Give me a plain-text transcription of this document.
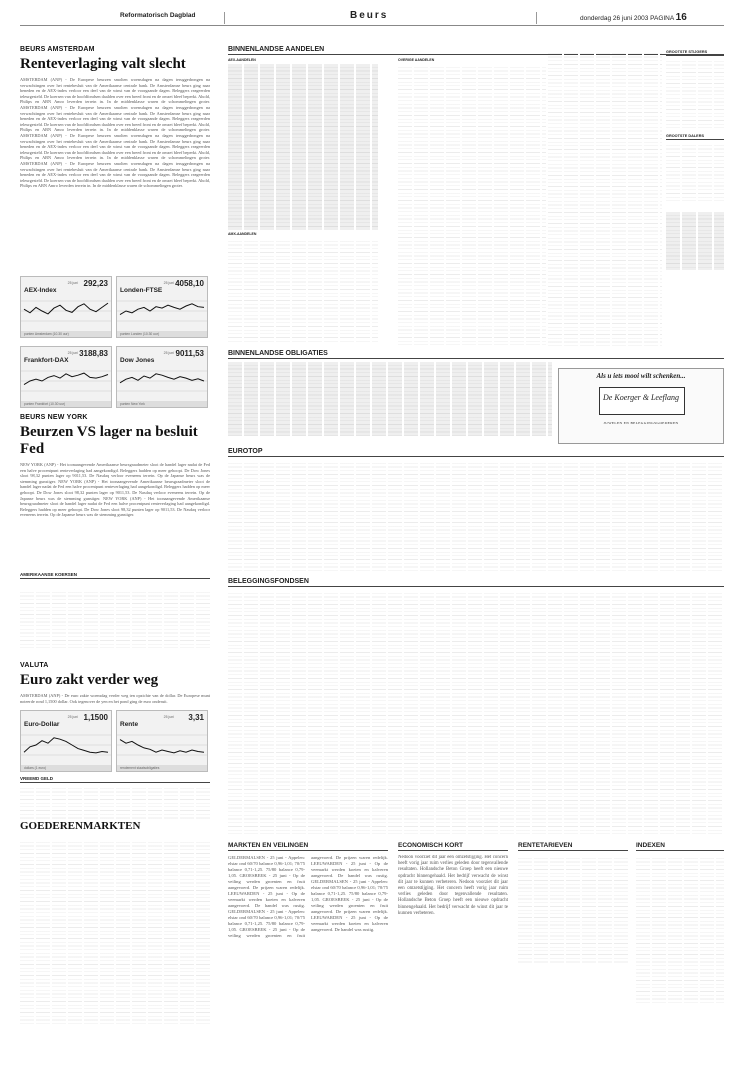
Reformatorisch Dagblad	Beurs	donderdag 26 juni 2003 PAGINA 16
BEURS AMSTERDAM
Renteverlaging valt slecht
AMSTERDAM (ANP) - De Europese beurzen smolten woensdagen na dagen teruggedrongen na verwachtingen over het rentebesluit van de Amerikaanse centrale bank. De Amsterdamse beurs ging naar beneden en de AEX-index verloor een deel van de winst van de voorgaande dagen. Beleggers reageerden teleurgesteld. De koersen van de hoofdfondsen daalden over een breed front en de omzet bleef beperkt. Ahold, Philips en ABN Amro leverden terrein in. In de middenklasse waren de schommelingen groter. AMSTERDAM (ANP) - De Europese beurzen smolten woensdagen na dagen teruggedrongen na verwachtingen over het rentebesluit van de Amerikaanse centrale bank. De Amsterdamse beurs ging naar beneden en de AEX-index verloor een deel van de winst van de voorgaande dagen. Beleggers reageerden teleurgesteld. De koersen van de hoofdfondsen daalden over een breed front en de omzet bleef beperkt. Ahold, Philips en ABN Amro leverden terrein in. In de middenklasse waren de schommelingen groter. AMSTERDAM (ANP) - De Europese beurzen smolten woensdagen na dagen teruggedrongen na verwachtingen over het rentebesluit van de Amerikaanse centrale bank. De Amsterdamse beurs ging naar beneden en de AEX-index verloor een deel van de winst van de voorgaande dagen. Beleggers reageerden teleurgesteld. De koersen van de hoofdfondsen daalden over een breed front en de omzet bleef beperkt. Ahold, Philips en ABN Amro leverden terrein in. In de middenklasse waren de schommelingen groter. AMSTERDAM (ANP) - De Europese beurzen smolten woensdagen na dagen teruggedrongen na verwachtingen over het rentebesluit van de Amerikaanse centrale bank. De Amsterdamse beurs ging naar beneden en de AEX-index verloor een deel van de winst van de voorgaande dagen. Beleggers reageerden teleurgesteld. De koersen van de hoofdfondsen daalden over een breed front en de omzet bleef beperkt. Ahold, Philips en ABN Amro leverden terrein in. In de middenklasse waren de schommelingen groter.
AEX-Index
25 juni 292,23
punten Amsterdam (10.30 uur)
Londen-FTSE
25 juni 4058,10
punten Londen (10.30 uur)
Frankfort-DAX
25 juni 3188,83
punten Frankfort (10.30 uur)
Dow Jones
25 juni 9011,53
punten New York
Euro-Dollar
25 juni 1,1500
dollars (1 euro)
Rente
25 juni 3,31
rendement staatsobligaties
BEURS NEW YORK
Beurzen VS lager na besluit Fed
NEW YORK (ANP) - Het toonaangevende Amerikaanse beursgraadmeter sloot de handel lager nadat de Fed een halve procentpunt renteverlaging had aangekondigd. Beleggers hadden op meer gehoopt. De Dow Jones sloot 98,32 punten lager op 9011,53. De Nasdaq verloor eveneens terrein. Op de Japanse beurs was de stemming gunstiger. NEW YORK (ANP) - Het toonaangevende Amerikaanse beursgraadmeter sloot de handel lager nadat de Fed een halve procentpunt renteverlaging had aangekondigd. Beleggers hadden op meer gehoopt. De Dow Jones sloot 98,32 punten lager op 9011,53. De Nasdaq verloor eveneens terrein. Op de Japanse beurs was de stemming gunstiger. NEW YORK (ANP) - Het toonaangevende Amerikaanse beursgraadmeter sloot de handel lager nadat de Fed een halve procentpunt renteverlaging had aangekondigd. Beleggers hadden op meer gehoopt. De Dow Jones sloot 98,32 punten lager op 9011,53. De Nasdaq verloor eveneens terrein. Op de Japanse beurs was de stemming gunstiger.
AMERIKAANSE KOERSEN
VALUTA
Euro zakt verder weg
AMSTERDAM (ANP) - De euro zakte woensdag verder weg ten opzichte van de dollar. De Europese munt noteerde rond 1,1500 dollar. Ook tegenover de yen en het pond ging de euro onderuit.
VREEMD GELD
GOEDERENMARKTEN
BINNENLANDSE AANDELEN
AEX-AANDELEN
AMX-AANDELEN
OVERIGE AANDELEN
GROOTSTE STIJGERS
GROOTSTE DALERS
BINNENLANDSE OBLIGATIES
Als u iets mooi wilt schenken...
De Koerger & Leeflang
JUWELEN EN BELEGGINGSGOEDEREN
EUROTOP
BELEGGINGSFONDSEN
MARKTEN EN VEILINGEN
GELDERMALSEN - 25 juni - Appelen: elstar ond 60/70 balance 0,96-1,01; 70/75 balance 0,71-1,25. 75/80 balance 0,79-1,05. GROESBEEK - 25 juni - Op de veiling werden groenten en fruit aangevoerd. De prijzen waren redelijk. LEEUWARDEN - 25 juni - Op de veemarkt werden koeien en kalveren aangevoerd. De handel was rustig. GELDERMALSEN - 25 juni - Appelen: elstar ond 60/70 balance 0,96-1,01; 70/75 balance 0,71-1,25. 75/80 balance 0,79-1,05. GROESBEEK - 25 juni - Op de veiling werden groenten en fruit aangevoerd. De prijzen waren redelijk. LEEUWARDEN - 25 juni - Op de veemarkt werden koeien en kalveren aangevoerd. De handel was rustig. GELDERMALSEN - 25 juni - Appelen: elstar ond 60/70 balance 0,96-1,01; 70/75 balance 0,71-1,25. 75/80 balance 0,79-1,05. GROESBEEK - 25 juni - Op de veiling werden groenten en fruit aangevoerd. De prijzen waren redelijk. LEEUWARDEN - 25 juni - Op de veemarkt werden koeien en kalveren aangevoerd. De handel was rustig.
ECONOMISCH KORT
Nedoon voorziet dit jaar een omzetstijging. Het concern heeft vorig jaar ruim verlies geleden door tegenvallende resultaten. Hollandsche Beton Groep heeft een nieuwe opdracht binnengehaald. Het bedrijf verwacht de winst dit jaar te kunnen verbeteren. Nedoon voorziet dit jaar een omzetstijging. Het concern heeft vorig jaar ruim verlies geleden door tegenvallende resultaten. Hollandsche Beton Groep heeft een nieuwe opdracht binnengehaald. Het bedrijf verwacht de winst dit jaar te kunnen verbeteren.
RENTETARIEVEN	INDEXEN
